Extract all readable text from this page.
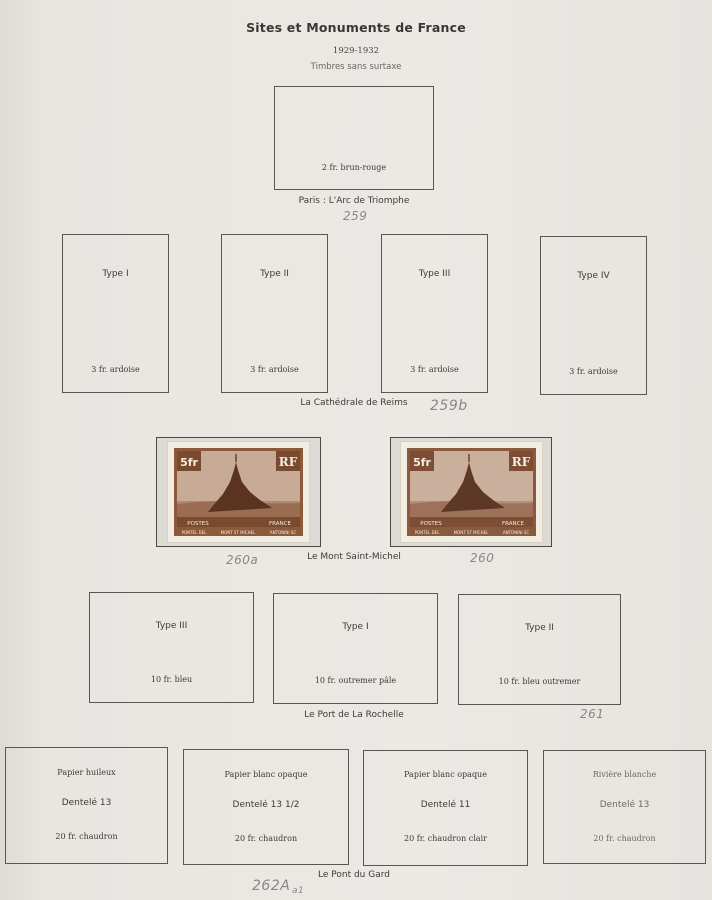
Sites et Monuments de France
1929-1932
Timbres sans surtaxe
2 fr. brun-rouge
Paris : L'Arc de Triomphe
259
Type I
3 fr. ardoise
Type II
3 fr. ardoise
Type III
3 fr. ardoise
Type IV
3 fr. ardoise
La Cathédrale de Reims	259b
5fr	RF
POSTES	FRANCE
PONTEL DEL	MONT ST MICHEL	ANTONINI SC
5fr	RF
POSTES	FRANCE
PONTEL DEL	MONT ST MICHEL	ANTONINI SC
260a	Le Mont Saint-Michel	260
Type III
10 fr. bleu
Type I
10 fr. outremer pâle
Type II
10 fr. bleu outremer
Le Port de La Rochelle	261
Papier huileux
Dentelé 13
20 fr. chaudron
Papier blanc opaque
Dentelé 13 1/2
20 fr. chaudron
Papier blanc opaque
Dentelé 11
20 fr. chaudron clair
Rivière blanche
Dentelé 13
20 fr. chaudron
Le Pont du Gard
262A a1
